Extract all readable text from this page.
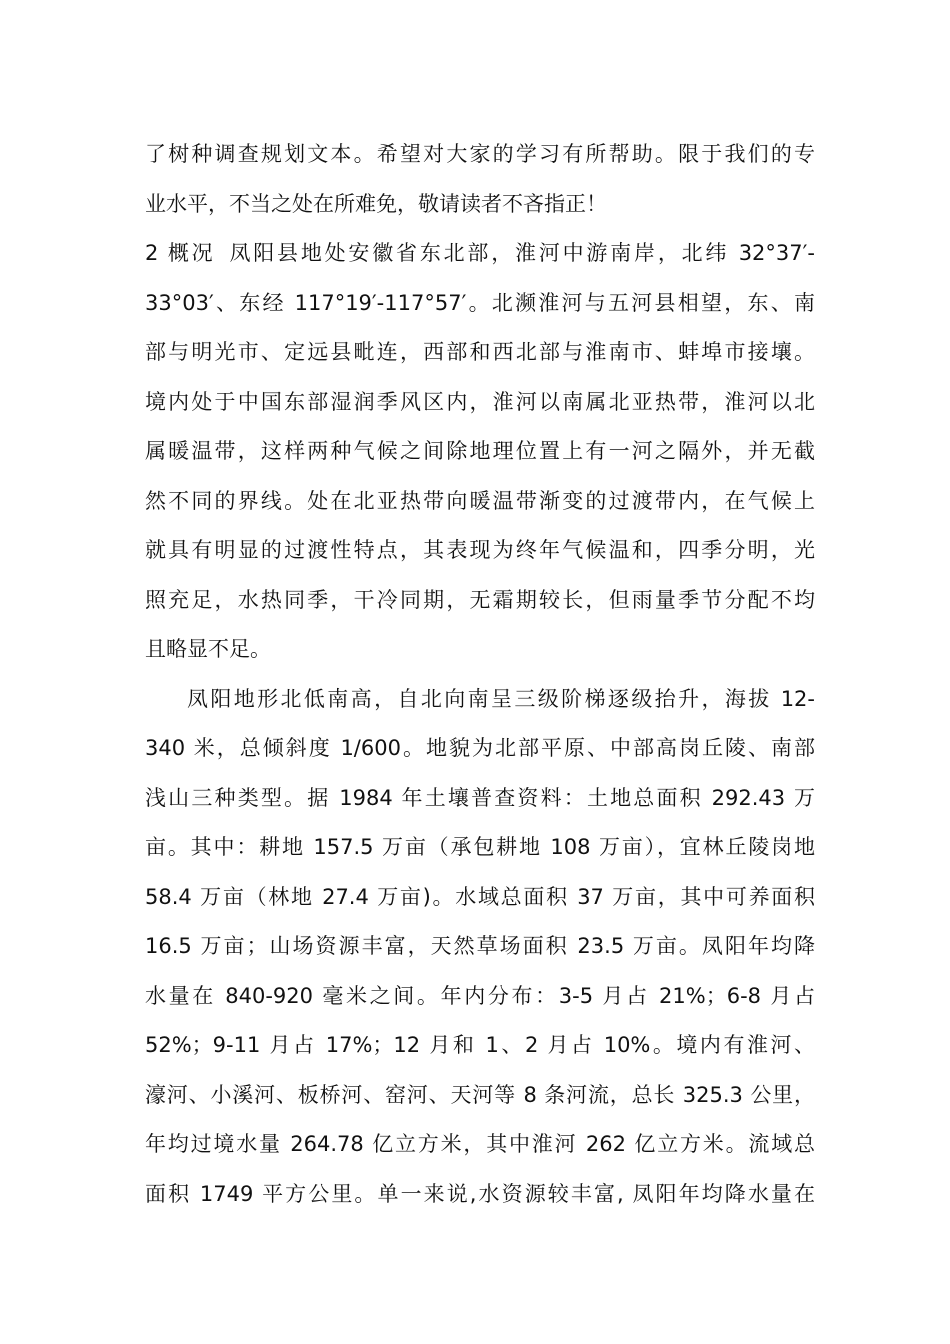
了树种调查规划文本。希望对大家的学习有所帮助。限于我们的专
业水平，不当之处在所难免，敬请读者不吝指正！
2 概况 凤阳县地处安徽省东北部，淮河中游南岸，北纬 32°37′-
33°03′、东经 117°19′-117°57′。北濒淮河与五河县相望，东、南
部与明光市、定远县毗连，西部和西北部与淮南市、蚌埠市接壤。
境内处于中国东部湿润季风区内，淮河以南属北亚热带，淮河以北
属暖温带，这样两种气候之间除地理位置上有一河之隔外，并无截
然不同的界线。处在北亚热带向暖温带渐变的过渡带内，在气候上
就具有明显的过渡性特点，其表现为终年气候温和，四季分明，光
照充足，水热同季，干冷同期，无霜期较长，但雨量季节分配不均
且略显不足。
凤阳地形北低南高，自北向南呈三级阶梯逐级抬升，海拔 12-
340 米，总倾斜度 1/600。地貌为北部平原、中部高岗丘陵、南部
浅山三种类型。据 1984 年土壤普查资料：土地总面积 292.43 万
亩。其中：耕地 157.5 万亩（承包耕地 108 万亩），宜林丘陵岗地
58.4 万亩（林地 27.4 万亩)。水域总面积 37 万亩，其中可养面积
16.5 万亩；山场资源丰富，天然草场面积 23.5 万亩。凤阳年均降
水量在 840-920 毫米之间。年内分布：3-5 月占 21%；6-8 月占
52%；9-11 月占 17%；12 月和 1、2 月占 10%。境内有淮河、
濠河、小溪河、板桥河、窑河、天河等 8 条河流，总长 325.3 公里，
年均过境水量 264.78 亿立方米，其中淮河 262 亿立方米。流域总
面积 1749 平方公里。单一来说,水资源较丰富, 凤阳年均降水量在
